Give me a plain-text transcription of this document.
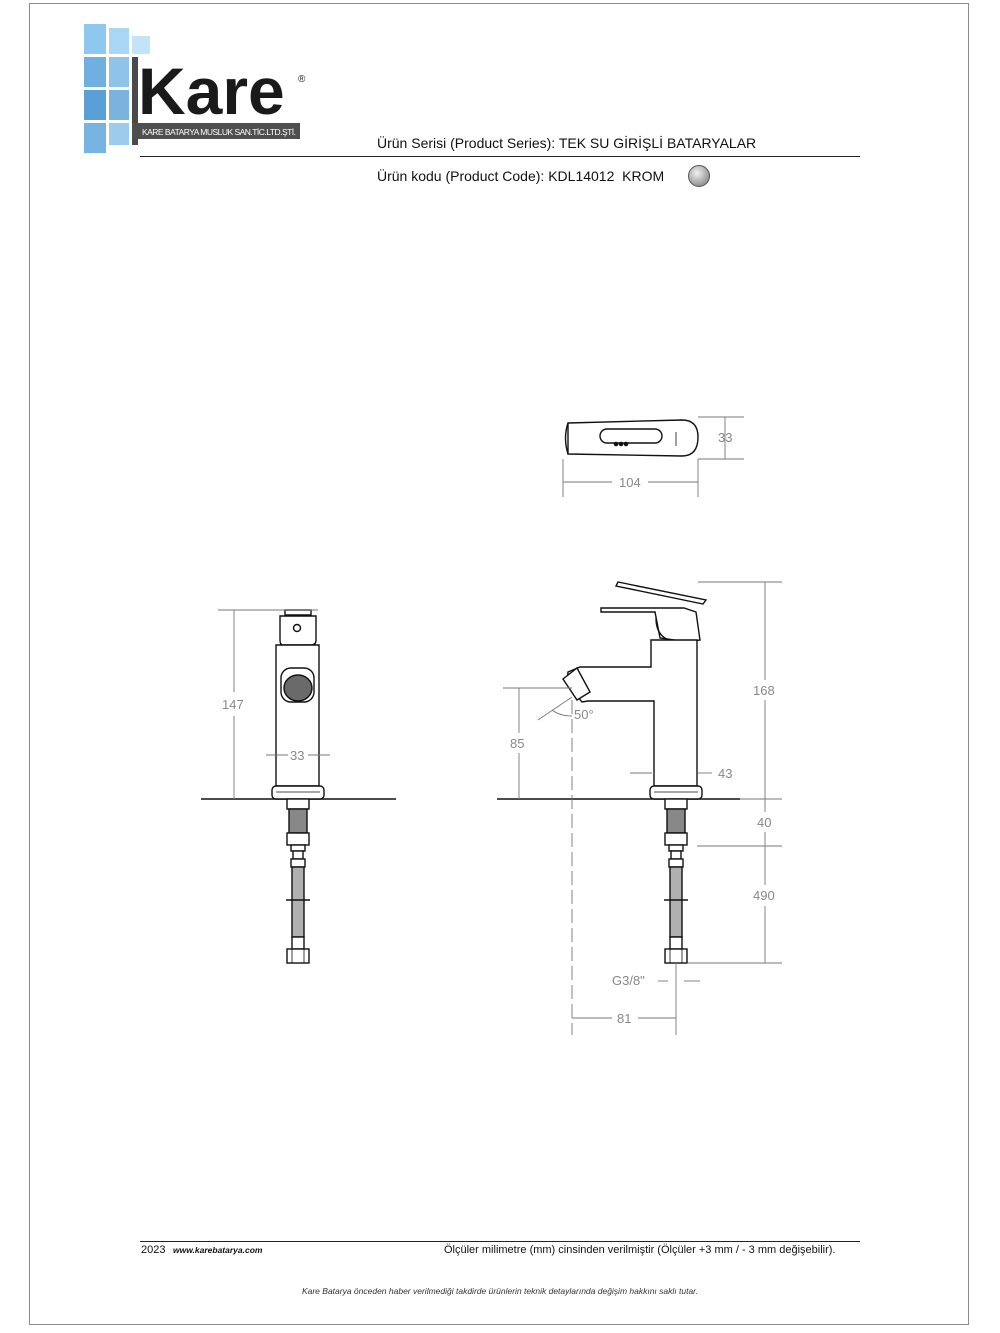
Kare ®
KARE BATARYA MUSLUK SAN.TİC.LTD.ŞTİ.
Ürün Serisi (Product Series): TEK SU GİRİŞLİ BATARYALAR
Ürün kodu (Product Code): KDL14012 KROM
33
104
147
33
168
85
50°
43
40
490
G3/8"
81
2023 www.karebatarya.com	Ölçüler milimetre (mm) cinsinden verilmiştir (Ölçüler +3 mm / - 3 mm değişebilir).
Kare Batarya önceden haber verilmediği takdirde ürünlerin teknik detaylarında değişim hakkını saklı tutar.
